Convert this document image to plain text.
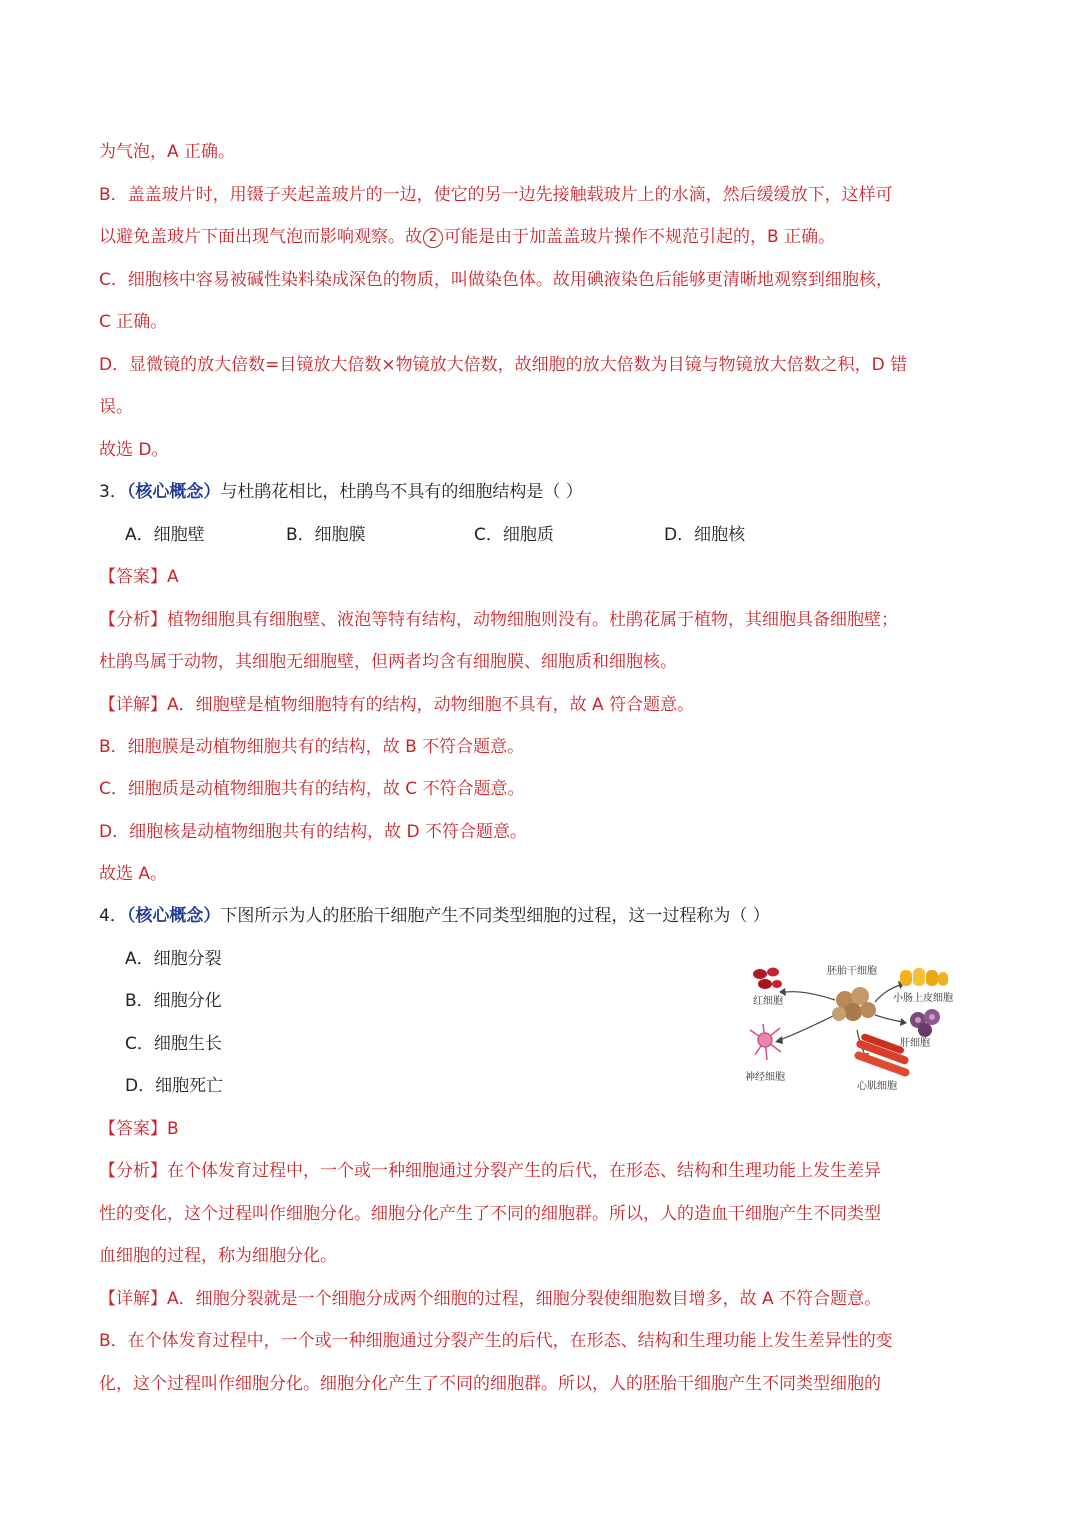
为气泡，A 正确。
B．盖盖玻片时，用镊子夹起盖玻片的一边，使它的另一边先接触载玻片上的水滴，然后缓缓放下，这样可
以避免盖玻片下面出现气泡而影响观察。故 2 可能是由于加盖盖玻片操作不规范引起的，B 正确。
C．细胞核中容易被碱性染料染成深色的物质，叫做染色体。故用碘液染色后能够更清晰地观察到细胞核，
C 正确。
D．显微镜的放大倍数=目镜放大倍数×物镜放大倍数，故细胞的放大倍数为目镜与物镜放大倍数之积，D 错
误。
故选 D。
3．（核心概念）与杜鹃花相比，杜鹃鸟不具有的细胞结构是（ ）
A．细胞壁	B．细胞膜	C．细胞质	D．细胞核
【答案】A
【分析】植物细胞具有细胞壁、液泡等特有结构，动物细胞则没有。杜鹃花属于植物，其细胞具备细胞壁；
杜鹃鸟属于动物，其细胞无细胞壁，但两者均含有细胞膜、细胞质和细胞核。
【详解】A．细胞壁是植物细胞特有的结构，动物细胞不具有，故 A 符合题意。
B．细胞膜是动植物细胞共有的结构，故 B 不符合题意。
C．细胞质是动植物细胞共有的结构，故 C 不符合题意。
D．细胞核是动植物细胞共有的结构，故 D 不符合题意。
故选 A。
4．（核心概念）下图所示为人的胚胎干细胞产生不同类型细胞的过程，这一过程称为（ ）
A．细胞分裂
B．细胞分化
C．细胞生长
D．细胞死亡
胚胎干细胞
红细胞	小肠上皮细胞
肝细胞
神经细胞
心肌细胞
【答案】B
【分析】在个体发育过程中，一个或一种细胞通过分裂产生的后代，在形态、结构和生理功能上发生差异
性的变化，这个过程叫作细胞分化。细胞分化产生了不同的细胞群。所以，人的造血干细胞产生不同类型
血细胞的过程，称为细胞分化。
【详解】A．细胞分裂就是一个细胞分成两个细胞的过程，细胞分裂使细胞数目增多，故 A 不符合题意。
B．在个体发育过程中，一个或一种细胞通过分裂产生的后代，在形态、结构和生理功能上发生差异性的变
化，这个过程叫作细胞分化。细胞分化产生了不同的细胞群。所以，人的胚胎干细胞产生不同类型细胞的
